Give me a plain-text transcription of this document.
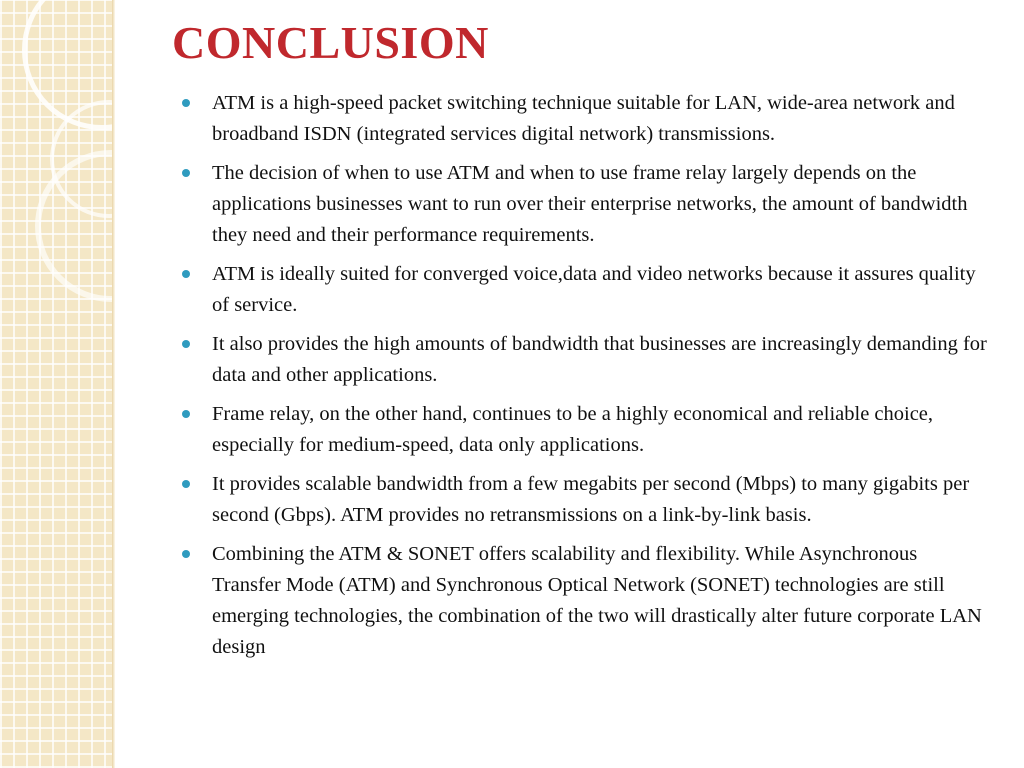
CONCLUSION
ATM is a high-speed packet switching technique suitable for LAN, wide-area network and broadband ISDN (integrated services digital network) transmissions.
The decision of when to use ATM and when to use frame relay largely depends on the applications businesses want to run over their enterprise networks, the amount of bandwidth they need and their performance requirements.
ATM is ideally suited for converged voice,data and video networks because it assures quality of service.
It also provides the high amounts of bandwidth that businesses are increasingly demanding for data and other applications.
Frame relay, on the other hand, continues to be a highly economical and reliable choice, especially for medium-speed, data only applications.
It provides scalable bandwidth from a few megabits per second (Mbps) to many gigabits per second (Gbps). ATM provides no retransmissions on a link-by-link basis.
Combining the ATM & SONET offers scalability and flexibility. While Asynchronous Transfer Mode (ATM) and Synchronous Optical Network (SONET) technologies are still emerging technologies, the combination of the two will drastically alter future corporate LAN design
